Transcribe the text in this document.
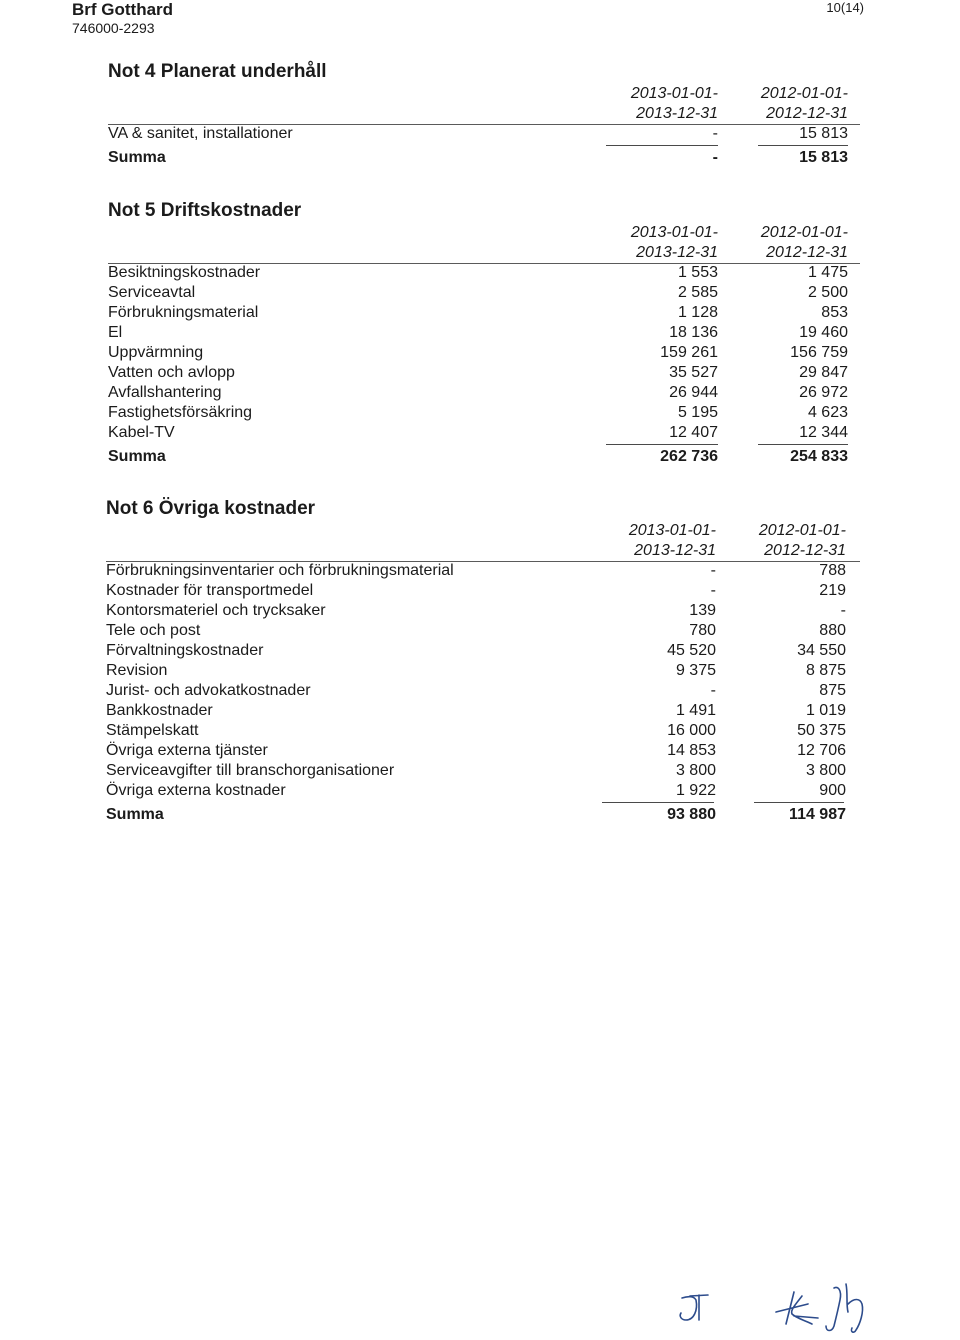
Brf Gotthard
746000-2293
10(14)
Not 4 Planerat underhåll
2013-01-01-
2013-12-31
2012-01-01-
2012-12-31
VA & sanitet, installationer	-	15 813
Summa	-	15 813
Not 5 Driftskostnader
2013-01-01-
2013-12-31
2012-01-01-
2012-12-31
Besiktningskostnader	1 553	1 475
Serviceavtal	2 585	2 500
Förbrukningsmaterial	1 128	853
El	18 136	19 460
Uppvärmning	159 261	156 759
Vatten och avlopp	35 527	29 847
Avfallshantering	26 944	26 972
Fastighetsförsäkring	5 195	4 623
Kabel-TV	12 407	12 344
Summa	262 736	254 833
Not 6 Övriga kostnader
2013-01-01-
2013-12-31
2012-01-01-
2012-12-31
Förbrukningsinventarier och förbrukningsmaterial	-	788
Kostnader för transportmedel	-	219
Kontorsmateriel och trycksaker	139	-
Tele och post	780	880
Förvaltningskostnader	45 520	34 550
Revision	9 375	8 875
Jurist- och advokatkostnader	-	875
Bankkostnader	1 491	1 019
Stämpelskatt	16 000	50 375
Övriga externa tjänster	14 853	12 706
Serviceavgifter till branschorganisationer	3 800	3 800
Övriga externa kostnader	1 922	900
Summa	93 880	114 987
